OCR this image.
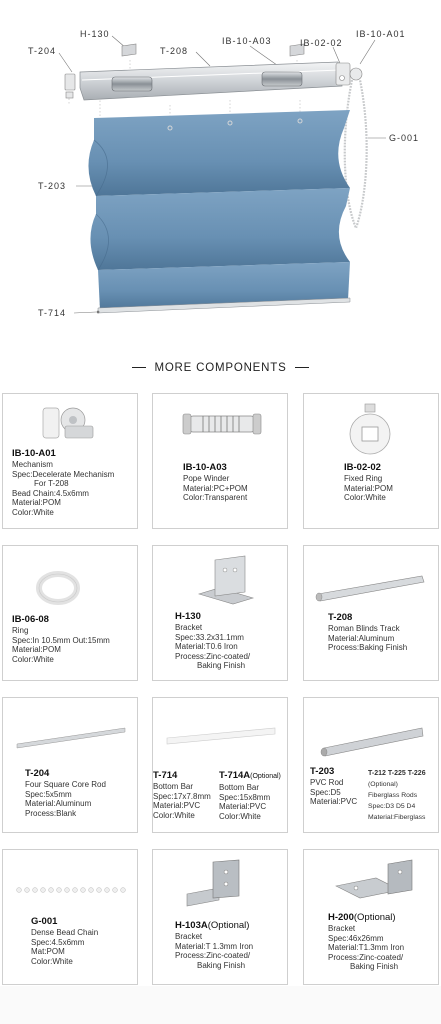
H-130
T-204	T-208
IB-10-A03	IB-02-02
IB-10-A01
G-001
T-203
T-714
MORE COMPONENTS
IB-10-A01
Mechanism
Spec:Decelerate Mechanism
For T-208
Bead Chain:4.5x6mm
Material:POM
Color:White
IB-10-A03
Pope Winder
Material:PC+POM
Color:Transparent
IB-02-02
Fixed Ring
Material:POM
Color:White
IB-06-08
Ring
Spec:In 10.5mm Out:15mm
Material:POM
Color:White
H-130
Bracket
Spec:33.2x31.1mm
Material:T0.6 Iron
Process:Zinc-coated/
Baking Finish
T-208
Roman Blinds Track
Material:Aluminum
Process:Baking Finish
T-204
Four Square Core Rod
Spec:5x5mm
Material:Aluminum
Process:Blank
T-714
Bottom Bar
Spec:17x7.8mm
Material:PVC
Color:White
T-714A(Optional)
Bottom Bar
Spec:15x8mm
Material:PVC
Color:White
T-203
PVC Rod
Spec:D5
Material:PVC
T-212 T-225 T-226
(Optional)
Fiberglass Rods
Spec:D3 D5 D4
Material:Fiberglass
G-001
Dense Bead Chain
Spec:4.5x6mm
Mat:POM
Color:White
H-103A(Optional)
Bracket
Material:T 1.3mm Iron
Process:Zinc-coated/
Baking Finish
H-200(Optional)
Bracket
Spec:46x26mm
Material:T1.3mm Iron
Process:Zinc-coated/
Baking Finish
